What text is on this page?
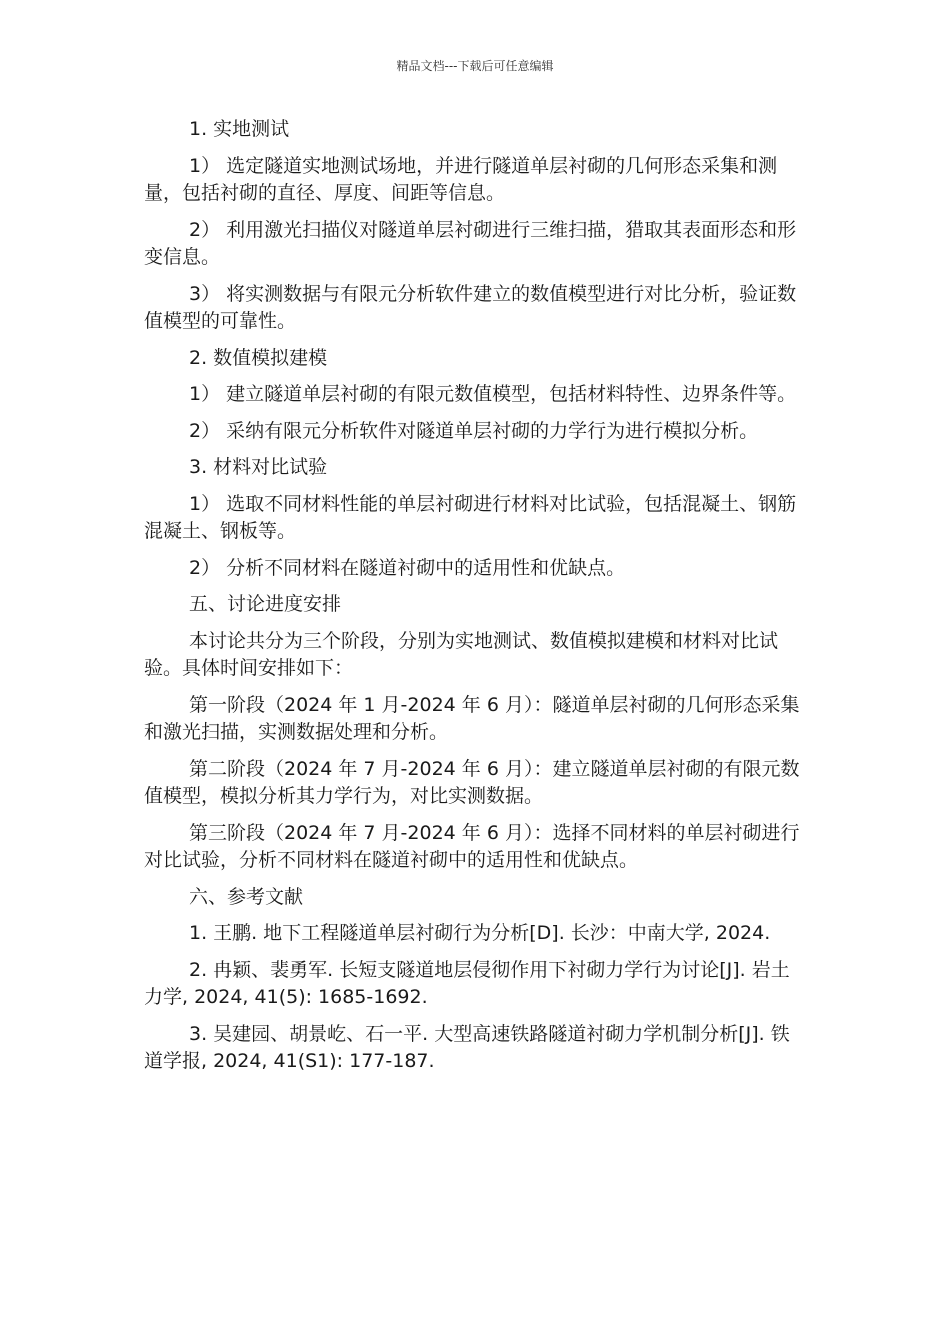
精品文档---下载后可任意编辑

1. 实地测试

1） 选定隧道实地测试场地，并进行隧道单层衬砌的几何形态采集和测量，包括衬砌的直径、厚度、间距等信息。

2） 利用激光扫描仪对隧道单层衬砌进行三维扫描，猎取其表面形态和形变信息。

3） 将实测数据与有限元分析软件建立的数值模型进行对比分析，验证数值模型的可靠性。

2. 数值模拟建模

1） 建立隧道单层衬砌的有限元数值模型，包括材料特性、边界条件等。

2） 采纳有限元分析软件对隧道单层衬砌的力学行为进行模拟分析。

3. 材料对比试验

1） 选取不同材料性能的单层衬砌进行材料对比试验，包括混凝土、钢筋混凝土、钢板等。

2） 分析不同材料在隧道衬砌中的适用性和优缺点。

五、讨论进度安排

本讨论共分为三个阶段，分别为实地测试、数值模拟建模和材料对比试验。具体时间安排如下：

第一阶段（2024 年 1 月-2024 年 6 月）：隧道单层衬砌的几何形态采集和激光扫描，实测数据处理和分析。

第二阶段（2024 年 7 月-2024 年 6 月）：建立隧道单层衬砌的有限元数值模型，模拟分析其力学行为，对比实测数据。

第三阶段（2024 年 7 月-2024 年 6 月）：选择不同材料的单层衬砌进行对比试验，分析不同材料在隧道衬砌中的适用性和优缺点。

六、参考文献

1. 王鹏. 地下工程隧道单层衬砌行为分析[D]. 长沙：中南大学, 2024.

2. 冉颖、裴勇军. 长短支隧道地层侵彻作用下衬砌力学行为讨论[J]. 岩土力学, 2024, 41(5): 1685-1692.

3. 吴建园、胡景屹、石一平. 大型高速铁路隧道衬砌力学机制分析[J]. 铁道学报, 2024, 41(S1): 177-187.
